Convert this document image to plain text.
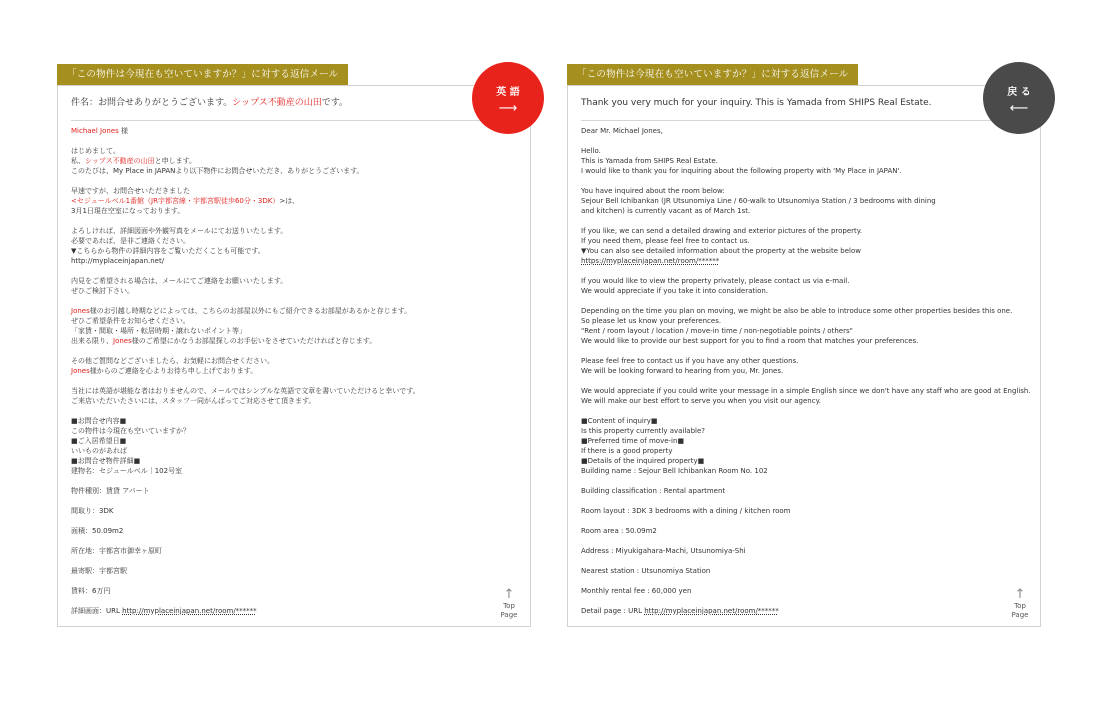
「この物件は今現在も空いていますか？」に対する返信メール
件名：お問合せありがとうございます。シップス不動産の山田です。
Michael Jones 様
はじめまして。
私、シップス不動産の山田と申します。
このたびは、My Place in JAPANより以下物件にお問合せいただき、ありがとうございます。
早速ですが、お問合せいただきました
<セジュールベル1番館（JR宇都宮線・宇都宮駅徒歩60分・3DK）>は、
3月1日現在空室になっております。
よろしければ、詳細図面や外観写真をメールにてお送りいたします。
必要であれば、是非ご連絡ください。
▼こちらから物件の詳細内容をご覧いただくことも可能です。
http://myplaceinjapan.net/
内見をご希望される場合は、メールにてご連絡をお願いいたします。
ぜひご検討下さい。
Jones様のお引越し時期などによっては、こちらのお部屋以外にもご紹介できるお部屋があるかと存じます。
ぜひご希望条件をお知らせください。
「家賃・間取・場所・転居時期・譲れないポイント等」
出来る限り、Jones様のご希望にかなうお部屋探しのお手伝いをさせていただければと存じます。
その他ご質問などございましたら、お気軽にお問合せください。
Jones様からのご連絡を心よりお待ち申し上げております。
当社には英語が堪能な者はおりませんので、メールではシンプルな英語で文章を書いていただけると幸いです。
ご来店いただいたさいには、スタッフ一同がんばってご対応させて頂きます。
■お問合せ内容■
この物件は今現在も空いていますか？
■ご入居希望日■
いいものがあれば
■お問合せ物件詳細■
建物名：セジュールベル｜102号室
物件種別：賃貸 アパート
間取り：3DK
面積：50.09m2
所在地：宇都宮市御幸ヶ原町
最寄駅：宇都宮駅
賃料：6万円
詳細画面：URL http://myplaceinjapan.net/room/******
「この物件は今現在も空いていますか？」に対する返信メール
Thank you very much for your inquiry. This is Yamada from SHIPS Real Estate.
Dear Mr. Michael Jones,
Hello.
This is Yamada from SHIPS Real Estate.
I would like to thank you for inquiring about the following property with 'My Place in JAPAN'.
You have inquired about the room below:
Sejour Bell Ichibankan (JR Utsunomiya Line / 60-walk to Utsunomiya Station / 3 bedrooms with dining
and kitchen) is currently vacant as of March 1st.
If you like, we can send a detailed drawing and exterior pictures of the property.
If you need them, please feel free to contact us.
▼You can also see detailed information about the property at the website below
https://myplaceinjapan.net/room/******
If you would like to view the property privately, please contact us via e-mail.
We would appreciate if you take it into consideration.
Depending on the time you plan on moving, we might be also be able to introduce some other properties besides this one.
So please let us know your preferences.
"Rent / room layout / location / move-in time / non-negotiable points / others"
We would like to provide our best support for you to find a room that matches your preferences.
Please feel free to contact us if you have any other questions.
We will be looking forward to hearing from you, Mr. Jones.
We would appreciate if you could write your message in a simple English since we don't have any staff who are good at English.
We will make our best effort to serve you when you visit our agency.
■Content of inquiry■
Is this property currently available?
■Preferred time of move-in■
If there is a good property
■Details of the inquired property■
Building name : Sejour Bell Ichibankan Room No. 102
Building classification : Rental apartment
Room layout : 3DK 3 bedrooms with a dining / kitchen room
Room area : 50.09m2
Address : Miyukigahara-Machi, Utsunomiya-Shi
Nearest station : Utsunomiya Station
Monthly rental fee : 60,000 yen
Detail page : URL http://myplaceinjapan.net/room/******
英 語
⟶
戻 る
⟵
↑
Top
Page
↑
Top
Page
